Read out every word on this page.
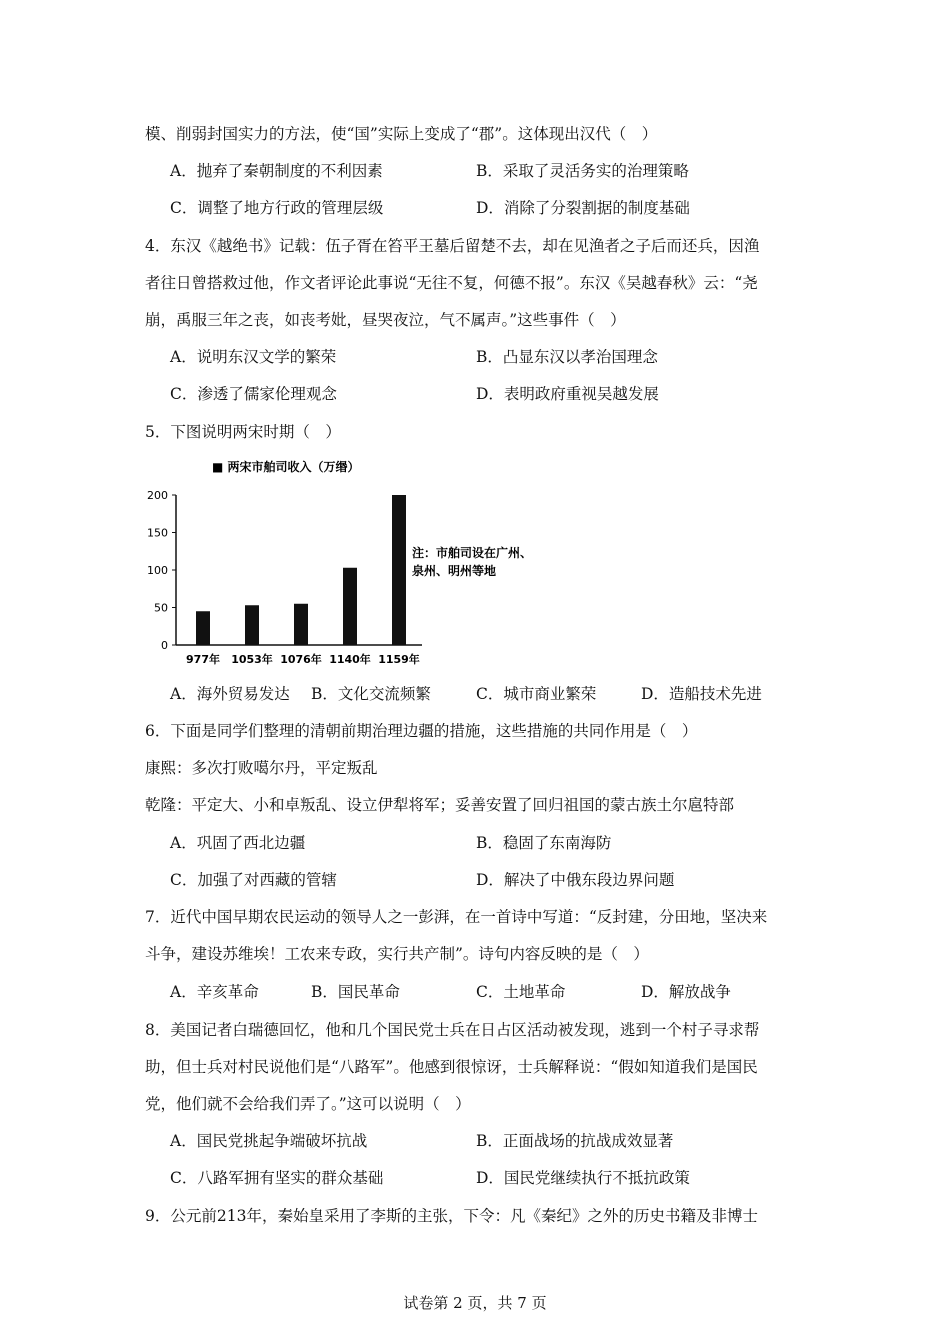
模、削弱封国实力的方法，使“国”实际上变成了“郡”。这体现出汉代（　）
A．抛弃了秦朝制度的不利因素	B．采取了灵活务实的治理策略
C．调整了地方行政的管理层级	D．消除了分裂割据的制度基础
4．东汉《越绝书》记载：伍子胥在笞平王墓后留楚不去，却在见渔者之子后而还兵，因渔
者往日曾搭救过他，作文者评论此事说“无往不复，何德不报”。东汉《吴越春秋》云：“尧
崩，禹服三年之丧，如丧考妣，昼哭夜泣，气不属声。”这些事件（　）
A．说明东汉文学的繁荣	B．凸显东汉以孝治国理念
C．渗透了儒家伦理观念	D．表明政府重视吴越发展
5．下图说明两宋时期（　）
■ 两宋市舶司收入（万缗）
200
150
100
50
0
977年 1053年 1076年 1140年 1159年
注：市舶司设在广州、
泉州、明州等地
A．海外贸易发达 B．文化交流频繁	C．城市商业繁荣	D．造船技术先进
6．下面是同学们整理的清朝前期治理边疆的措施，这些措施的共同作用是（　）
康熙：多次打败噶尔丹，平定叛乱
乾隆：平定大、小和卓叛乱、设立伊犁将军；妥善安置了回归祖国的蒙古族土尔扈特部
A．巩固了西北边疆	B．稳固了东南海防
C．加强了对西藏的管辖	D．解决了中俄东段边界问题
7．近代中国早期农民运动的领导人之一彭湃，在一首诗中写道：“反封建，分田地，坚决来
斗争，建设苏维埃！工农来专政，实行共产制”。诗句内容反映的是（　）
A．辛亥革命	B．国民革命	C．土地革命	D．解放战争
8．美国记者白瑞德回忆，他和几个国民党士兵在日占区活动被发现，逃到一个村子寻求帮
助，但士兵对村民说他们是“八路军”。他感到很惊讶，士兵解释说：“假如知道我们是国民
党，他们就不会给我们弄了。”这可以说明（　）
A．国民党挑起争端破坏抗战	B．正面战场的抗战成效显著
C．八路军拥有坚实的群众基础	D．国民党继续执行不抵抗政策
9．公元前213年，秦始皇采用了李斯的主张，下令：凡《秦纪》之外的历史书籍及非博士
试卷第 2 页，共 7 页
